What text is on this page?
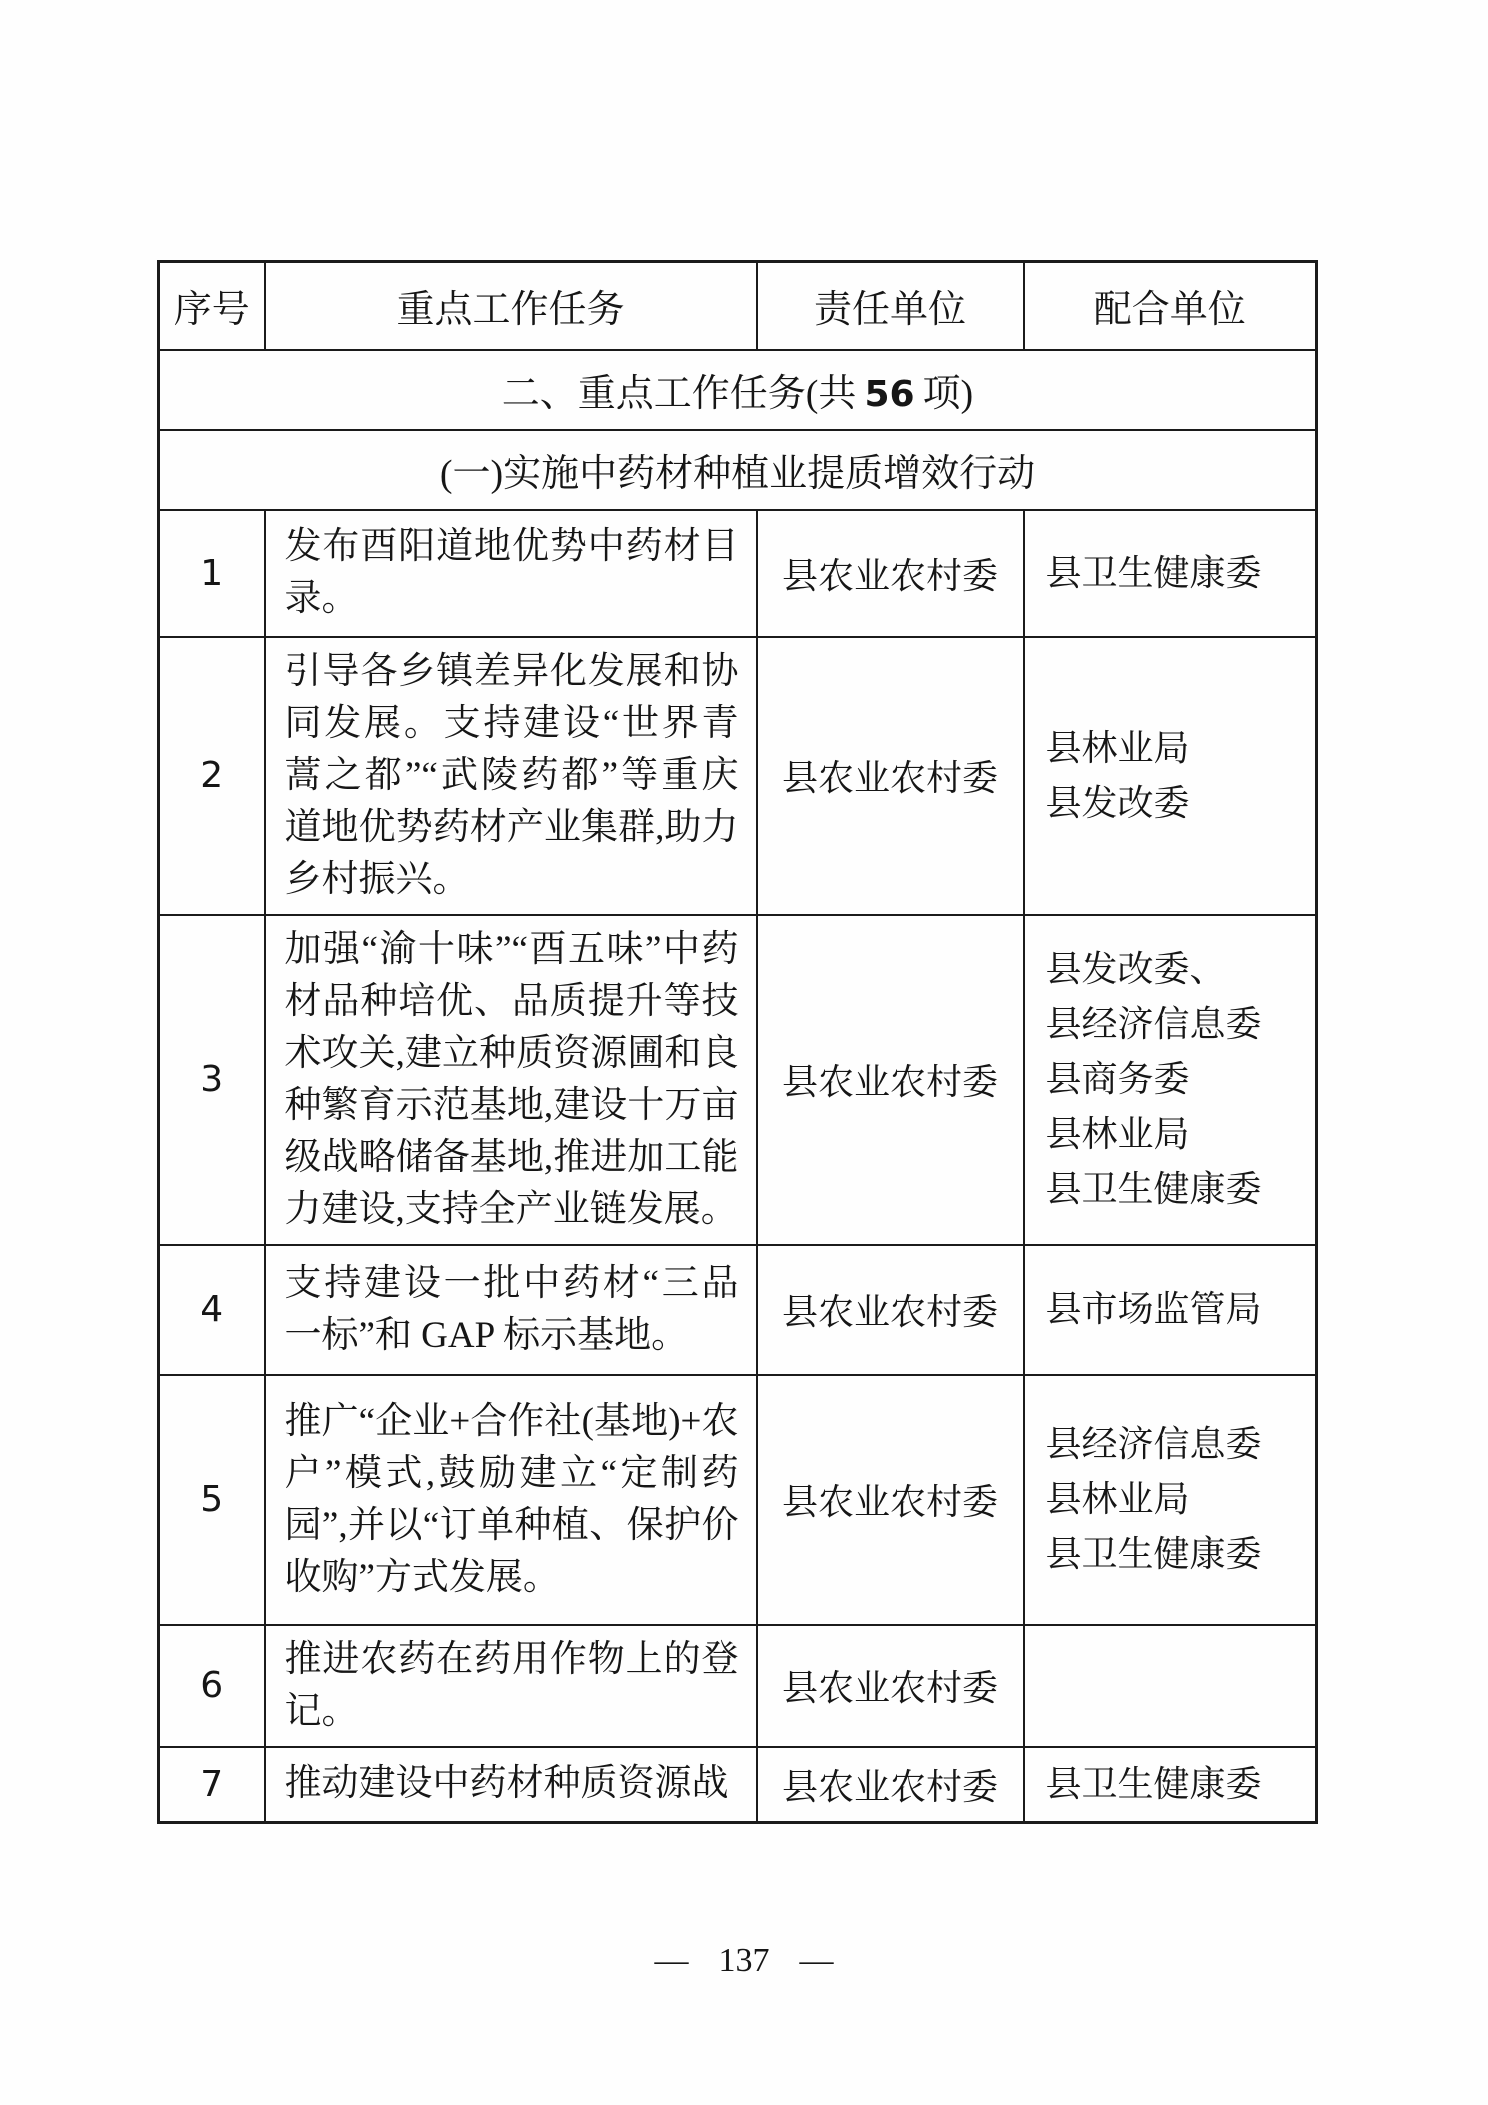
序号	重点工作任务	责任单位	配合单位
二、重点工作任务(共 56 项)			
(一)实施中药材种植业提质增效行动			
1	发布酉阳道地优势中药材目录。	县农业农村委	县卫生健康委

2	引导各乡镇差异化发展和协同发展。支持建设“世界青蒿之都”“武陵药都”等重庆道地优势药材产业集群,助力乡村振兴。	县农业农村委	县林业局
县发改委

3	加强“渝十味”“酉五味”中药材品种培优、品质提升等技术攻关,建立种质资源圃和良种繁育示范基地,建设十万亩级战略储备基地,推进加工能力建设,支持全产业链发展。	县农业农村委	县发改委、
县经济信息委
县商务委
县林业局
县卫生健康委

4	支持建设一批中药材“三品一标”和 GAP 标示基地。	县农业农村委	县市场监管局

5	推广“企业+合作社(基地)+农户”模式,鼓励建立“定制药园”,并以“订单种植、保护价收购”方式发展。	县农业农村委	县经济信息委
县林业局
县卫生健康委

6	推进农药在药用作物上的登记。	县农业农村委	
7	推动建设中药材种质资源战	县农业农村委	县卫生健康委
— 137 —
